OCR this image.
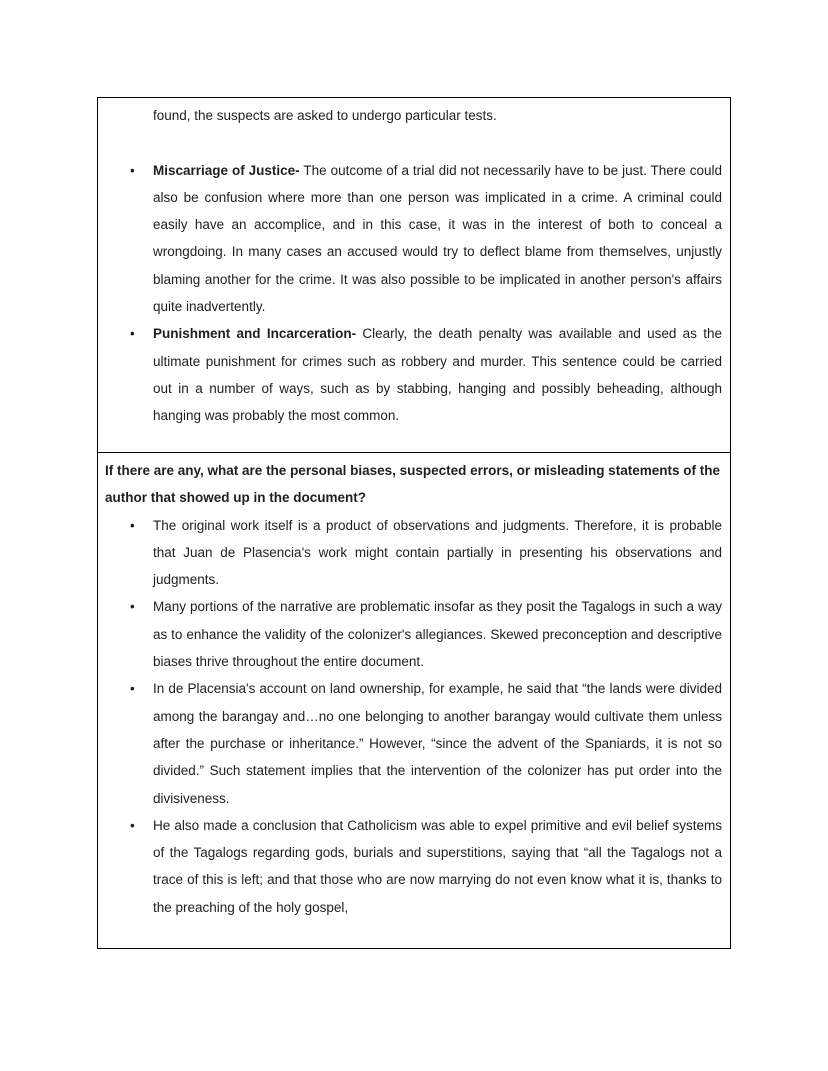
found, the suspects are asked to undergo particular tests.

• Miscarriage of Justice- The outcome of a trial did not necessarily have to be just. There could also be confusion where more than one person was implicated in a crime. A criminal could easily have an accomplice, and in this case, it was in the interest of both to conceal a wrongdoing. In many cases an accused would try to deflect blame from themselves, unjustly blaming another for the crime. It was also possible to be implicated in another person's affairs quite inadvertently.
• Punishment and Incarceration- Clearly, the death penalty was available and used as the ultimate punishment for crimes such as robbery and murder. This sentence could be carried out in a number of ways, such as by stabbing, hanging and possibly beheading, although hanging was probably the most common.

If there are any, what are the personal biases, suspected errors, or misleading statements of the author that showed up in the document?

• The original work itself is a product of observations and judgments. Therefore, it is probable that Juan de Plasencia's work might contain partially in presenting his observations and judgments.
• Many portions of the narrative are problematic insofar as they posit the Tagalogs in such a way as to enhance the validity of the colonizer's allegiances. Skewed preconception and descriptive biases thrive throughout the entire document.
• In de Placensia's account on land ownership, for example, he said that “the lands were divided among the barangay and…no one belonging to another barangay would cultivate them unless after the purchase or inheritance.” However, “since the advent of the Spaniards, it is not so divided.” Such statement implies that the intervention of the colonizer has put order into the divisiveness.
• He also made a conclusion that Catholicism was able to expel primitive and evil belief systems of the Tagalogs regarding gods, burials and superstitions, saying that “all the Tagalogs not a trace of this is left; and that those who are now marrying do not even know what it is, thanks to the preaching of the holy gospel,
